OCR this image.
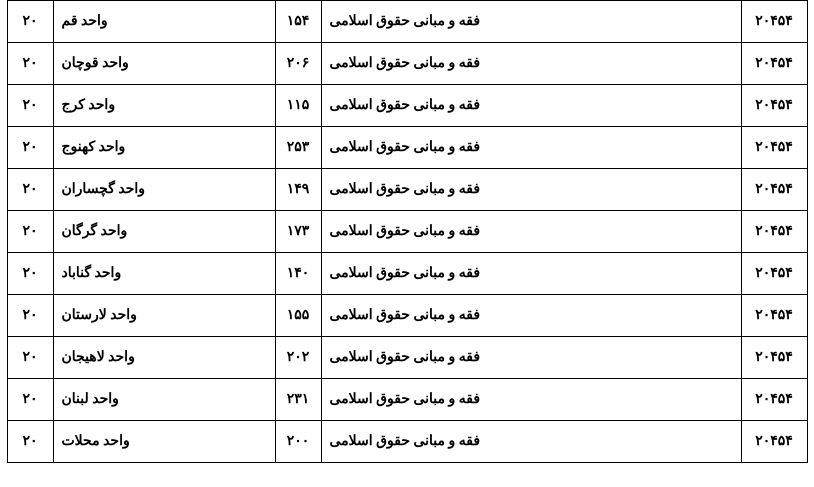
۲۰۴۵۴	فقه و مبانی حقوق اسلامی	۱۵۴	واحد قم	۲۰
۲۰۴۵۴	فقه و مبانی حقوق اسلامی	۲۰۶	واحد قوچان	۲۰
۲۰۴۵۴	فقه و مبانی حقوق اسلامی	۱۱۵	واحد کرج	۲۰
۲۰۴۵۴	فقه و مبانی حقوق اسلامی	۲۵۳	واحد کهنوج	۲۰
۲۰۴۵۴	فقه و مبانی حقوق اسلامی	۱۴۹	واحد گچساران	۲۰
۲۰۴۵۴	فقه و مبانی حقوق اسلامی	۱۷۳	واحد گرگان	۲۰
۲۰۴۵۴	فقه و مبانی حقوق اسلامی	۱۴۰	واحد گناباد	۲۰
۲۰۴۵۴	فقه و مبانی حقوق اسلامی	۱۵۵	واحد لارستان	۲۰
۲۰۴۵۴	فقه و مبانی حقوق اسلامی	۲۰۲	واحد لاهیجان	۲۰
۲۰۴۵۴	فقه و مبانی حقوق اسلامی	۲۳۱	واحد لبنان	۲۰
۲۰۴۵۴	فقه و مبانی حقوق اسلامی	۲۰۰	واحد محلات	۲۰
